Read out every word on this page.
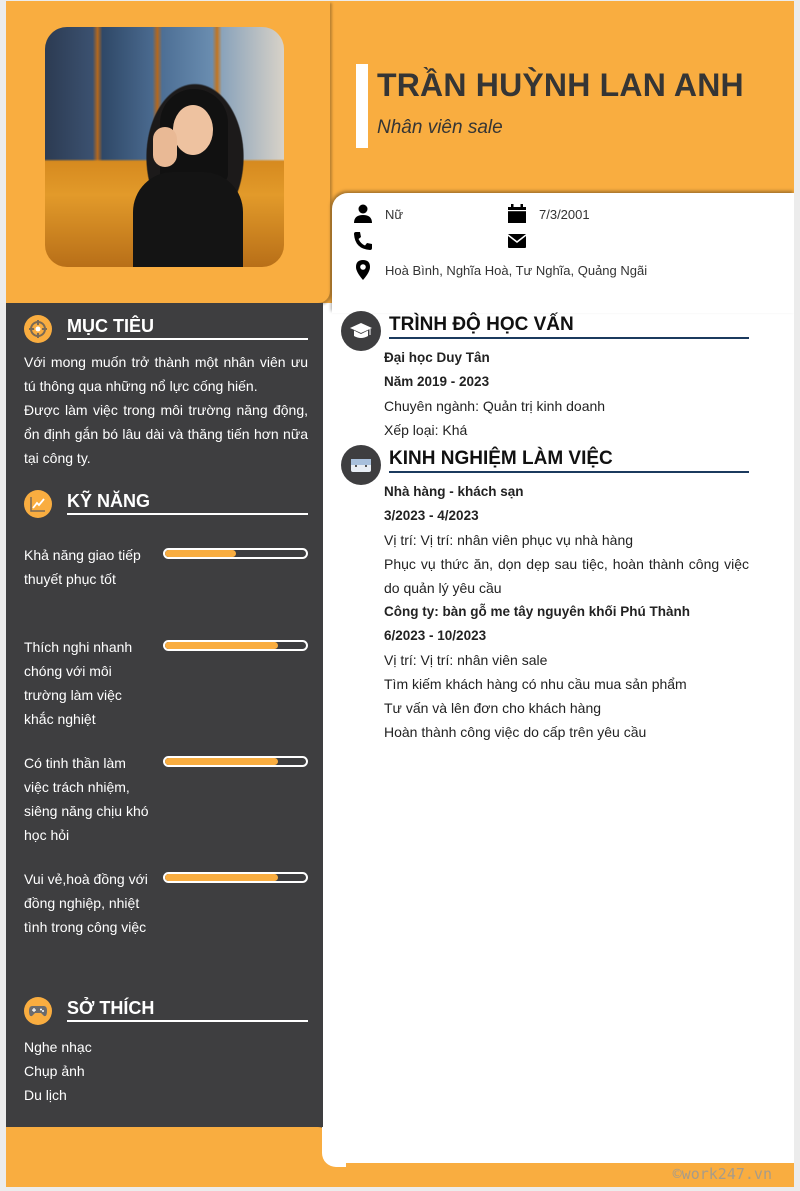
TRẦN HUỲNH LAN ANH
Nhân viên sale
Nữ	7/3/2001
Hoà Bình, Nghĩa Hoà, Tư Nghĩa, Quảng Ngãi
MỤC TIÊU
Với mong muốn trở thành một nhân viên ưu tú thông qua những nổ lực cống hiến.
Được làm việc trong môi trường năng động, ổn định gắn bó lâu dài và thăng tiến hơn nữa tại công ty.
KỸ NĂNG
Khả năng giao tiếp thuyết phục tốt
Thích nghi nhanh chóng với môi trường làm việc khắc nghiệt
Có tinh thần làm việc trách nhiệm, siêng năng chịu khó học hỏi
Vui vẻ,hoà đồng với đồng nghiệp, nhiệt tình trong công việc
SỞ THÍCH
Nghe nhạc
Chụp ảnh
Du lịch
©work247.vn
TRÌNH ĐỘ HỌC VẤN
Đại học Duy Tân
Năm 2019 - 2023
Chuyên ngành: Quản trị kinh doanh
Xếp loại: Khá
KINH NGHIỆM LÀM VIỆC
Nhà hàng - khách sạn
3/2023 - 4/2023
Vị trí: Vị trí: nhân viên phục vụ nhà hàng
Phục vụ thức ăn, dọn dẹp sau tiệc, hoàn thành công việc do quản lý yêu cầu
Công ty: bàn gỗ me tây nguyên khối Phú Thành
6/2023 - 10/2023
Vị trí: Vị trí: nhân viên sale
Tìm kiếm khách hàng có nhu cầu mua sản phẩm
Tư vấn và lên đơn cho khách hàng
Hoàn thành công việc do cấp trên yêu cầu
